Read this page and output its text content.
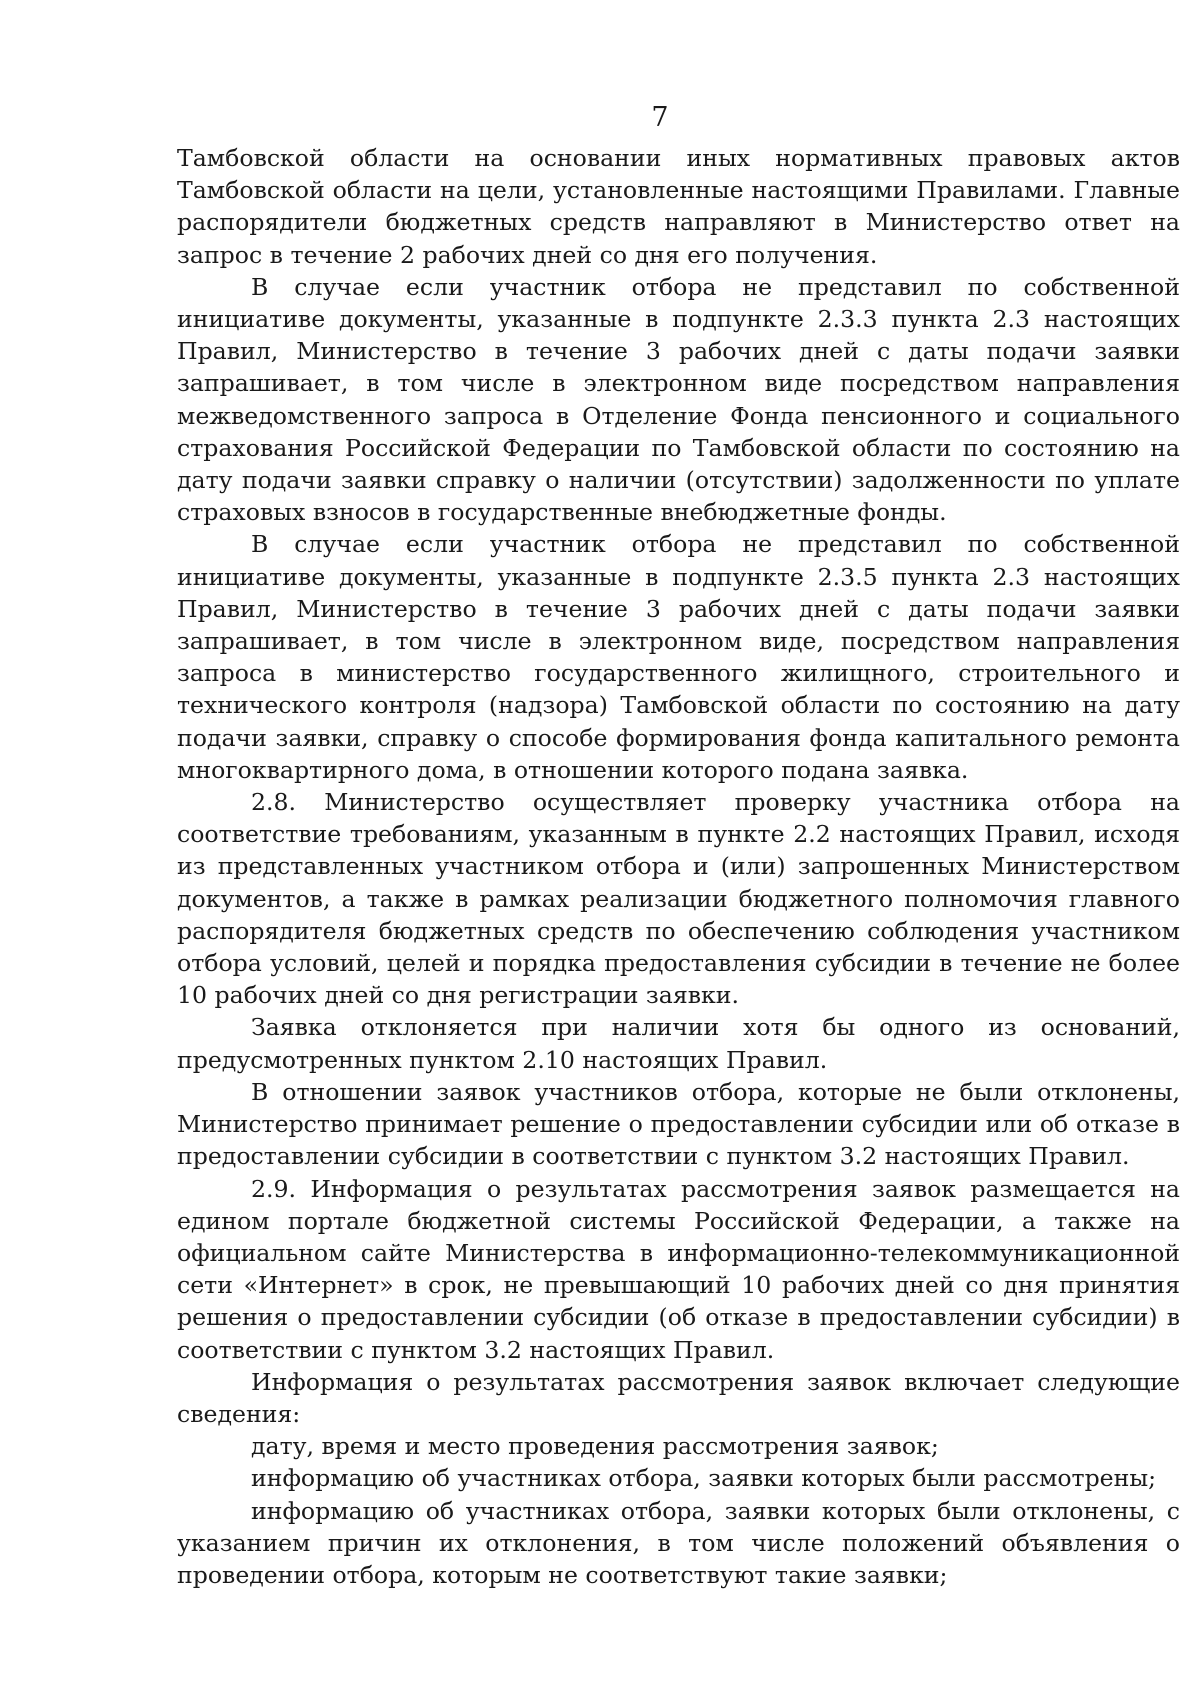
7

Тамбовской области на основании иных нормативных правовых актов Тамбовской области на цели, установленные настоящими Правилами. Главные распорядители бюджетных средств направляют в Министерство ответ на запрос в течение 2 рабочих дней со дня его получения.

В случае если участник отбора не представил по собственной инициативе документы, указанные в подпункте 2.3.3 пункта 2.3 настоящих Правил, Министерство в течение 3 рабочих дней с даты подачи заявки запрашивает, в том числе в электронном виде посредством направления межведомственного запроса в Отделение Фонда пенсионного и социального страхования Российской Федерации по Тамбовской области по состоянию на дату подачи заявки справку о наличии (отсутствии) задолженности по уплате страховых взносов в государственные внебюджетные фонды.

В случае если участник отбора не представил по собственной инициативе документы, указанные в подпункте 2.3.5 пункта 2.3 настоящих Правил, Министерство в течение 3 рабочих дней с даты подачи заявки запрашивает, в том числе в электронном виде, посредством направления запроса в министерство государственного жилищного, строительного и технического контроля (надзора) Тамбовской области по состоянию на дату подачи заявки, справку о способе формирования фонда капитального ремонта многоквартирного дома, в отношении которого подана заявка.

2.8. Министерство осуществляет проверку участника отбора на соответствие требованиям, указанным в пункте 2.2 настоящих Правил, исходя из представленных участником отбора и (или) запрошенных Министерством документов, а также в рамках реализации бюджетного полномочия главного распорядителя бюджетных средств по обеспечению соблюдения участником отбора условий, целей и порядка предоставления субсидии в течение не более 10 рабочих дней со дня регистрации заявки.

Заявка отклоняется при наличии хотя бы одного из оснований, предусмотренных пунктом 2.10 настоящих Правил.

В отношении заявок участников отбора, которые не были отклонены, Министерство принимает решение о предоставлении субсидии или об отказе в предоставлении субсидии в соответствии с пунктом 3.2 настоящих Правил.

2.9. Информация о результатах рассмотрения заявок размещается на едином портале бюджетной системы Российской Федерации, а также на официальном сайте Министерства в информационно-телекоммуникационной сети «Интернет» в срок, не превышающий 10 рабочих дней со дня принятия решения о предоставлении субсидии (об отказе в предоставлении субсидии) в соответствии с пунктом 3.2 настоящих Правил.

Информация о результатах рассмотрения заявок включает следующие сведения:

дату, время и место проведения рассмотрения заявок;

информацию об участниках отбора, заявки которых были рассмотрены;

информацию об участниках отбора, заявки которых были отклонены, с указанием причин их отклонения, в том числе положений объявления о проведении отбора, которым не соответствуют такие заявки;
